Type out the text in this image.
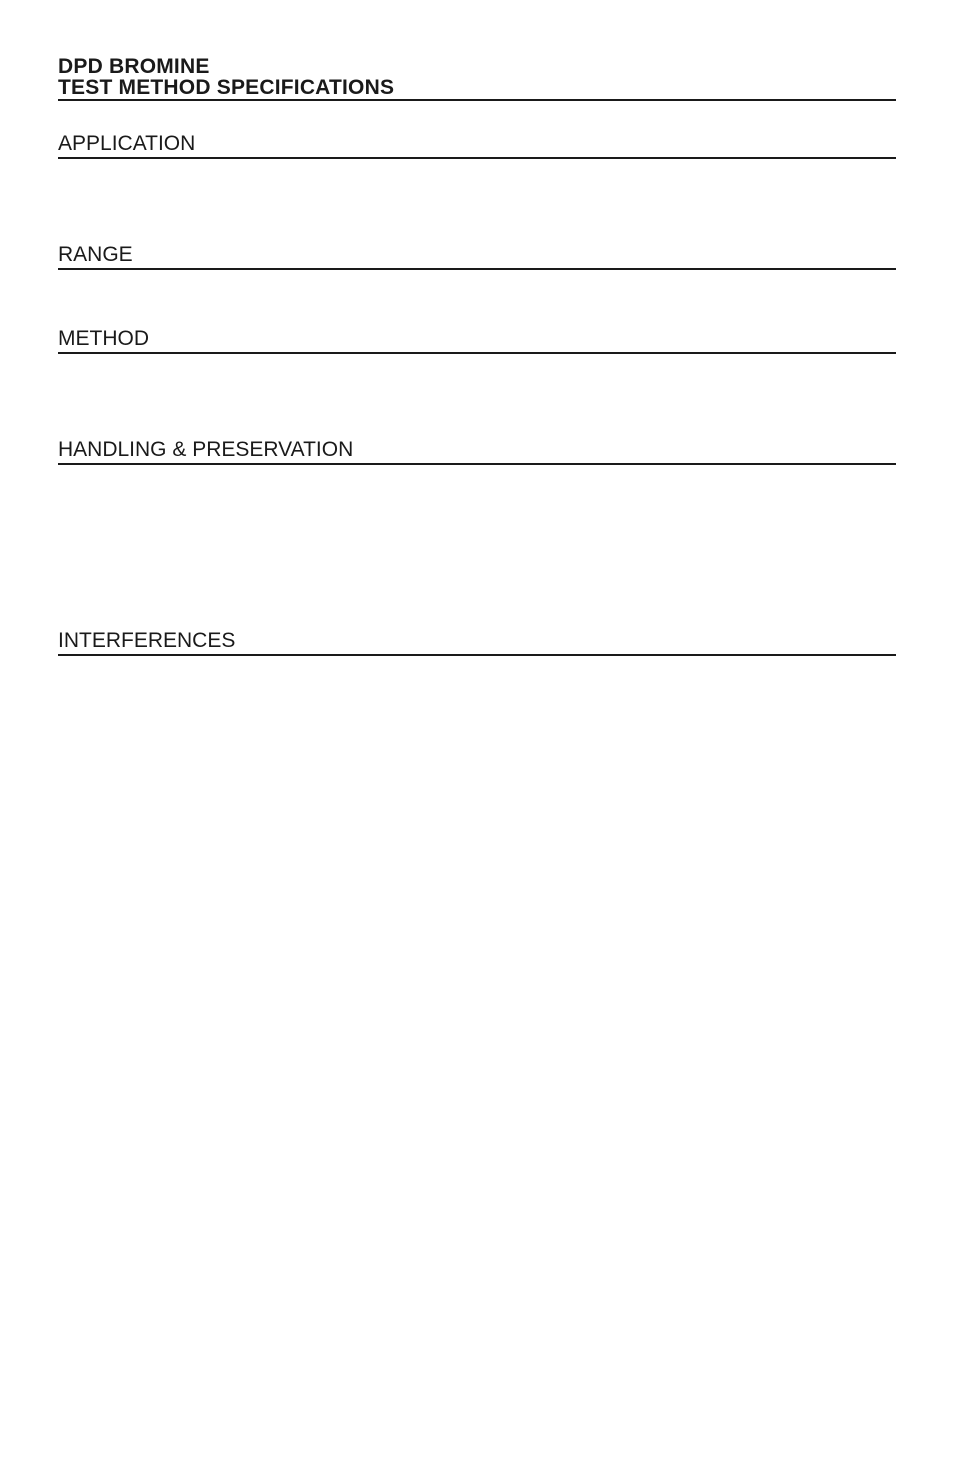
DPD BROMINE
TEST METHOD SPECIFICATIONS
APPLICATION
RANGE
METHOD
HANDLING & PRESERVATION
INTERFERENCES
